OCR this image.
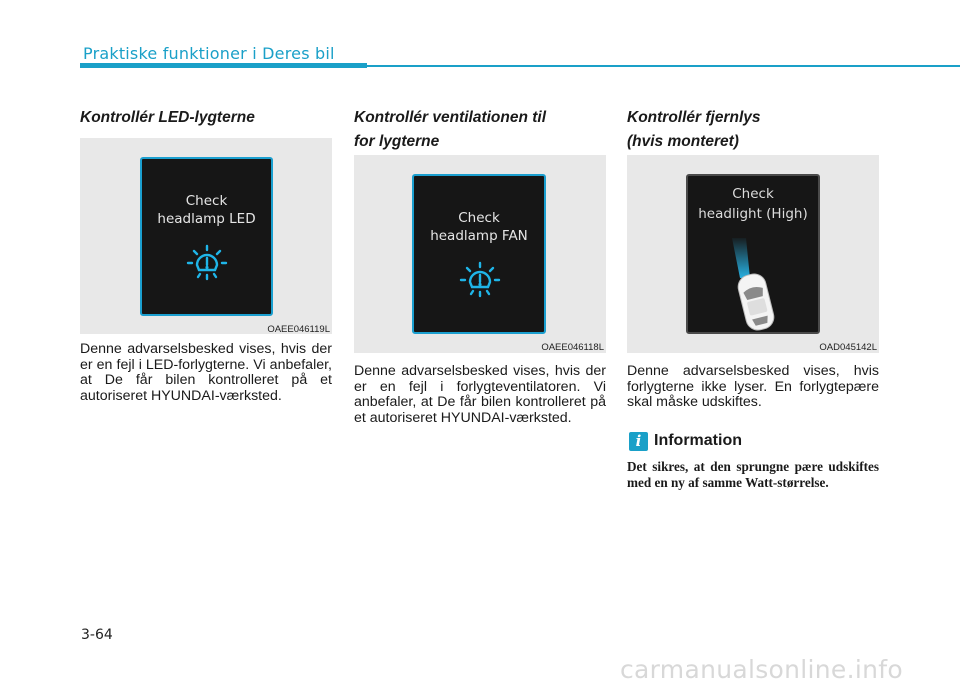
Praktiske funktioner i Deres bil
Kontrollér LED-lygterne
Check
headlamp LED
OAEE046119L

Denne advarselsbesked vises, hvis der er en fejl i LED-forlygterne. Vi anbefaler, at De får bilen kontrolleret på et autoriseret HYUNDAI-værksted.

Kontrollér ventilationen til
for lygterne
Check
headlamp FAN
OAEE046118L

Denne advarselsbesked vises, hvis der er en fejl i forlygteventilatoren. Vi anbefaler, at De får bilen kontrolleret på et autoriseret HYUNDAI-værksted.

Kontrollér fjernlys
(hvis monteret)
Check
headlight (High)
OAD045142L

Denne advarselsbesked vises, hvis forlygterne ikke lyser. En forlygtepære skal måske udskiftes.

i Information

Det sikres, at den sprungne pære udskiftes med en ny af samme Watt-størrelse.

3-64
carmanualsonline.info
